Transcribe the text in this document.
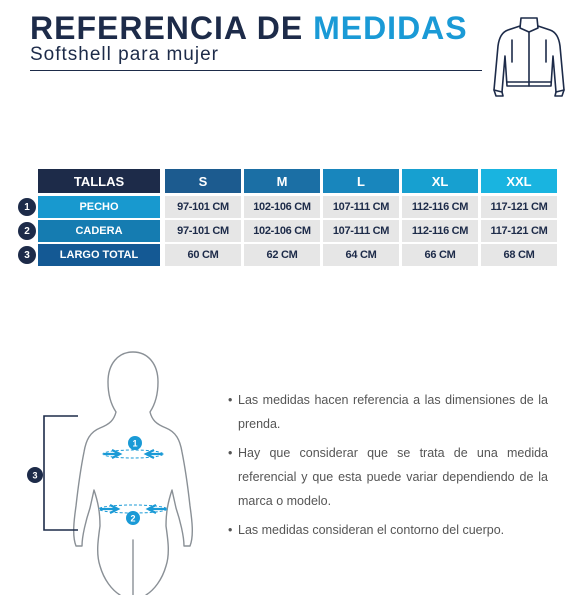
REFERENCIA DE MEDIDAS

Softshell para mujer

TALLAS	S	M	L	XL	XXL
1	PECHO	97-101 CM	102-106 CM	107-111 CM	112-116 CM	117-121 CM
2	CADERA	97-101 CM	102-106 CM	107-111 CM	112-116 CM	117-121 CM
3	LARGO TOTAL	60 CM	62 CM	64 CM	66 CM	68 CM
1
2
3
• Las medidas hacen referencia a las dimensiones de la prenda.
• Hay que considerar que se trata de una medida referencial y que esta puede variar dependiendo de la marca o modelo.
• Las medidas consideran el contorno del cuerpo.
